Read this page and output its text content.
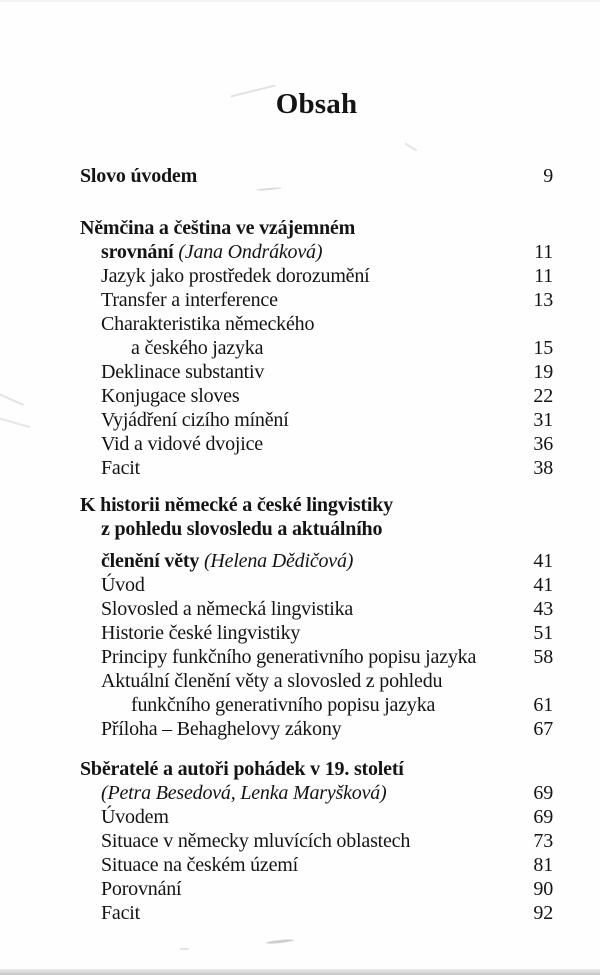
Obsah
Slovo úvodem	9
Němčina a čeština ve vzájemném
srovnání (Jana Ondráková)	11
Jazyk jako prostředek dorozumění	11
Transfer a interference	13
Charakteristika německého
a českého jazyka	15
Deklinace substantiv	19
Konjugace sloves	22
Vyjádření cizího mínění	31
Vid a vidové dvojice	36
Facit	38
K historii německé a české lingvistiky
z pohledu slovosledu a aktuálního
členění věty (Helena Dědičová)	41
Úvod	41
Slovosled a německá lingvistika	43
Historie české lingvistiky	51
Principy funkčního generativního popisu jazyka	58
Aktuální členění věty a slovosled z pohledu
funkčního generativního popisu jazyka	61
Příloha – Behaghelovy zákony	67
Sběratelé a autoři pohádek v 19. století
(Petra Besedová, Lenka Maryšková)	69
Úvodem	69
Situace v německy mluvících oblastech	73
Situace na českém území	81
Porovnání	90
Facit	92
